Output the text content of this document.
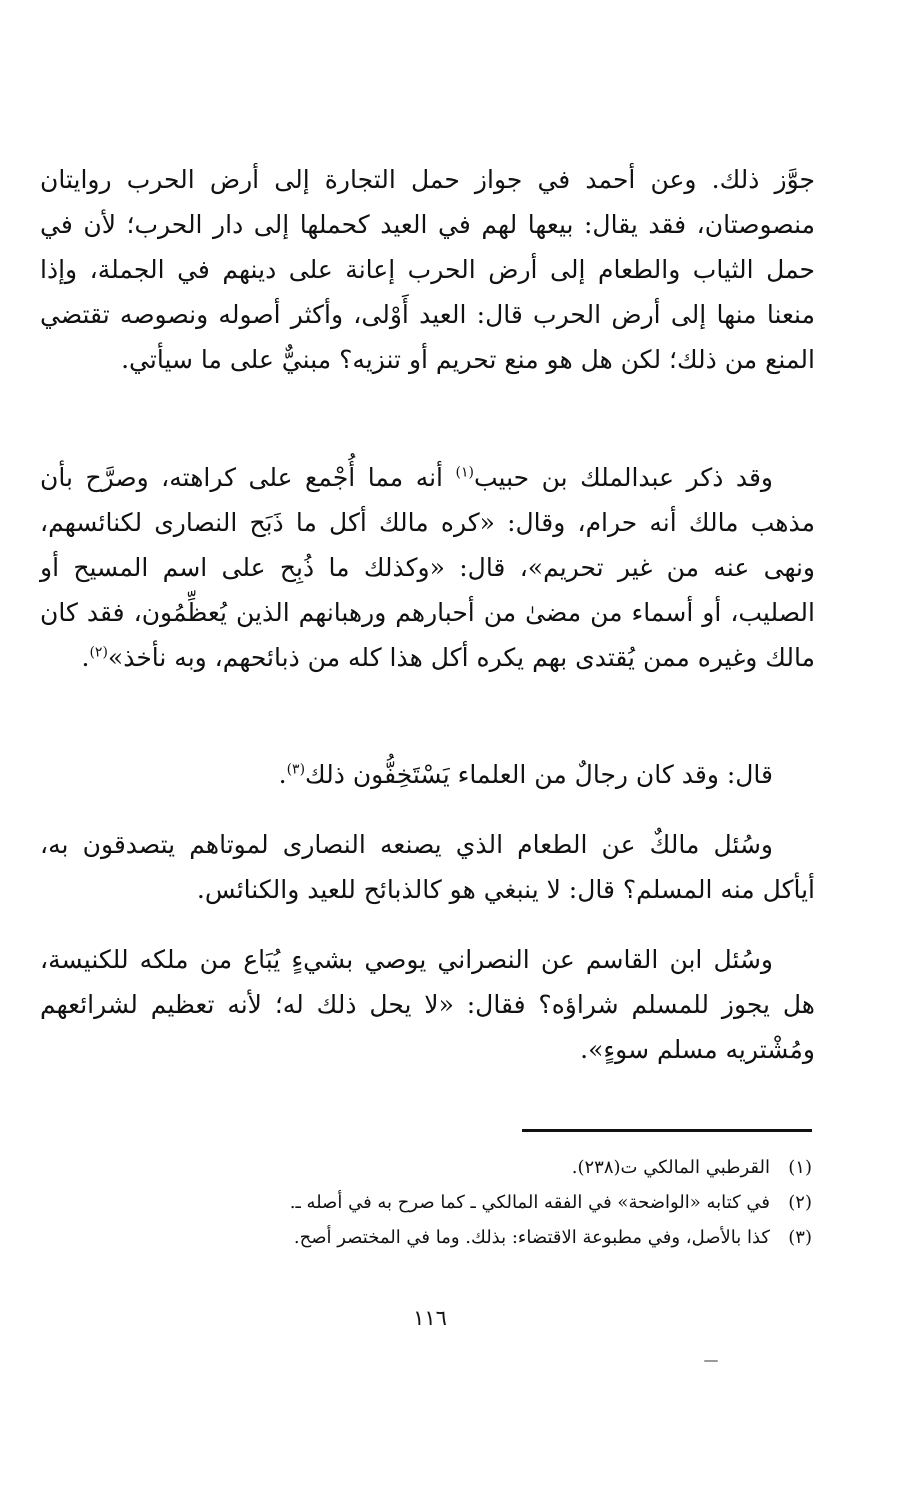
جوَّز ذلك. وعن أحمد في جواز حمل التجارة إلى أرض الحرب روايتان منصوصتان، فقد يقال: بيعها لهم في العيد كحملها إلى دار الحرب؛ لأن في حمل الثياب والطعام إلى أرض الحرب إعانة على دينهم في الجملة، وإذا منعنا منها إلى أرض الحرب قال: العيد أَوْلى، وأكثر أصوله ونصوصه تقتضي المنع من ذلك؛ لكن هل هو منع تحريم أو تنزيه؟ مبنيٌّ على ما سيأتي.

وقد ذكر عبدالملك بن حبيب$^{(١)}$ أنه مما أُجْمع على كراهته، وصرَّح بأن مذهب مالك أنه حرام، وقال: «كره مالك أكل ما ذَبَح النصارى لكنائسهم، ونهى عنه من غير تحريم»، قال: «وكذلك ما ذُبِح على اسم المسيح أو الصليب، أو أسماء من مضىٰ من أحبارهم ورهبانهم الذين يُعظِّمُون، فقد كان مالك وغيره ممن يُقتدى بهم يكره أكل هذا كله من ذبائحهم، وبه نأخذ»$^{(٢)}$.

قال: وقد كان رجالٌ من العلماء يَسْتَخِفُّون ذلك$^{(٣)}$.

وسُئل مالكٌ عن الطعام الذي يصنعه النصارى لموتاهم يتصدقون به، أيأكل منه المسلم؟ قال: لا ينبغي هو كالذبائح للعيد والكنائس.

وسُئل ابن القاسم عن النصراني يوصي بشيءٍ يُبَاع من ملكه للكنيسة، هل يجوز للمسلم شراؤه؟ فقال: «لا يحل ذلك له؛ لأنه تعظيم لشرائعهم ومُشْتريه مسلم سوءٍ».

(١)القرطبي المالكي ت(٢٣٨).
(٢)في كتابه «الواضحة» في الفقه المالكي ـ كما صرح به في أصله ـ.
(٣)كذا بالأصل، وفي مطبوعة الاقتضاء: بذلك. وما في المختصر أصح.
١١٦
